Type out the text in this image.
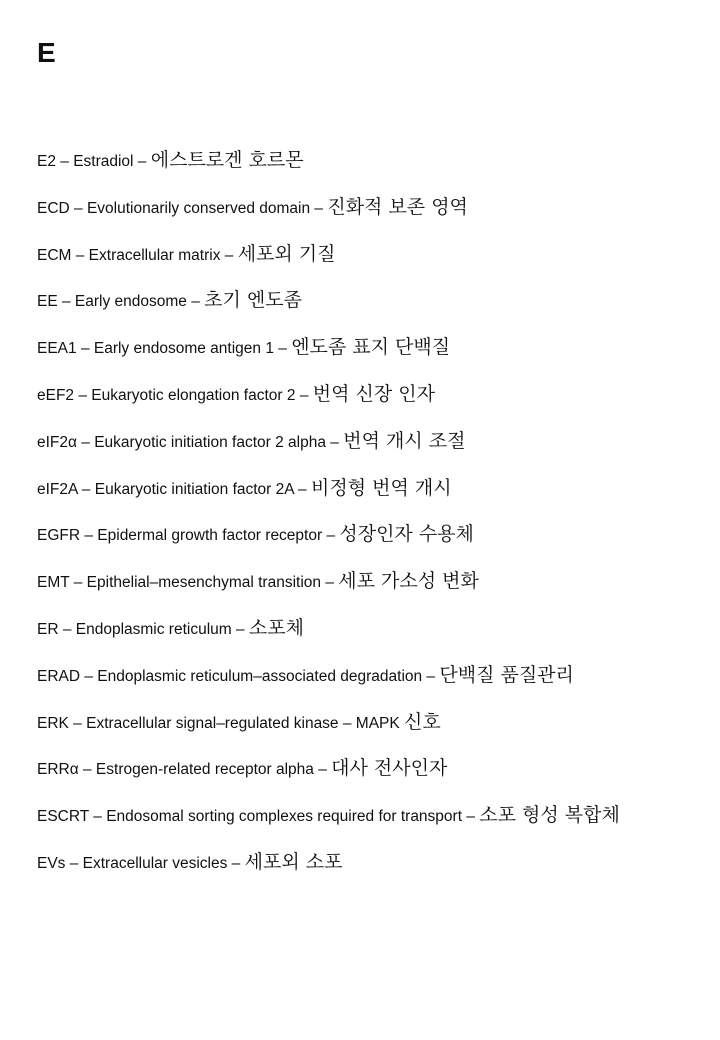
E
E2 – Estradiol – 에스트로겐 호르몬
ECD – Evolutionarily conserved domain – 진화적 보존 영역
ECM – Extracellular matrix – 세포외 기질
EE – Early endosome – 초기 엔도좀
EEA1 – Early endosome antigen 1 – 엔도좀 표지 단백질
eEF2 – Eukaryotic elongation factor 2 – 번역 신장 인자
eIF2α – Eukaryotic initiation factor 2 alpha – 번역 개시 조절
eIF2A – Eukaryotic initiation factor 2A – 비정형 번역 개시
EGFR – Epidermal growth factor receptor – 성장인자 수용체
EMT – Epithelial–mesenchymal transition – 세포 가소성 변화
ER – Endoplasmic reticulum – 소포체
ERAD – Endoplasmic reticulum–associated degradation – 단백질 품질관리
ERK – Extracellular signal–regulated kinase – MAPK 신호
ERRα – Estrogen-related receptor alpha – 대사 전사인자
ESCRT – Endosomal sorting complexes required for transport – 소포 형성 복합체
EVs – Extracellular vesicles – 세포외 소포
